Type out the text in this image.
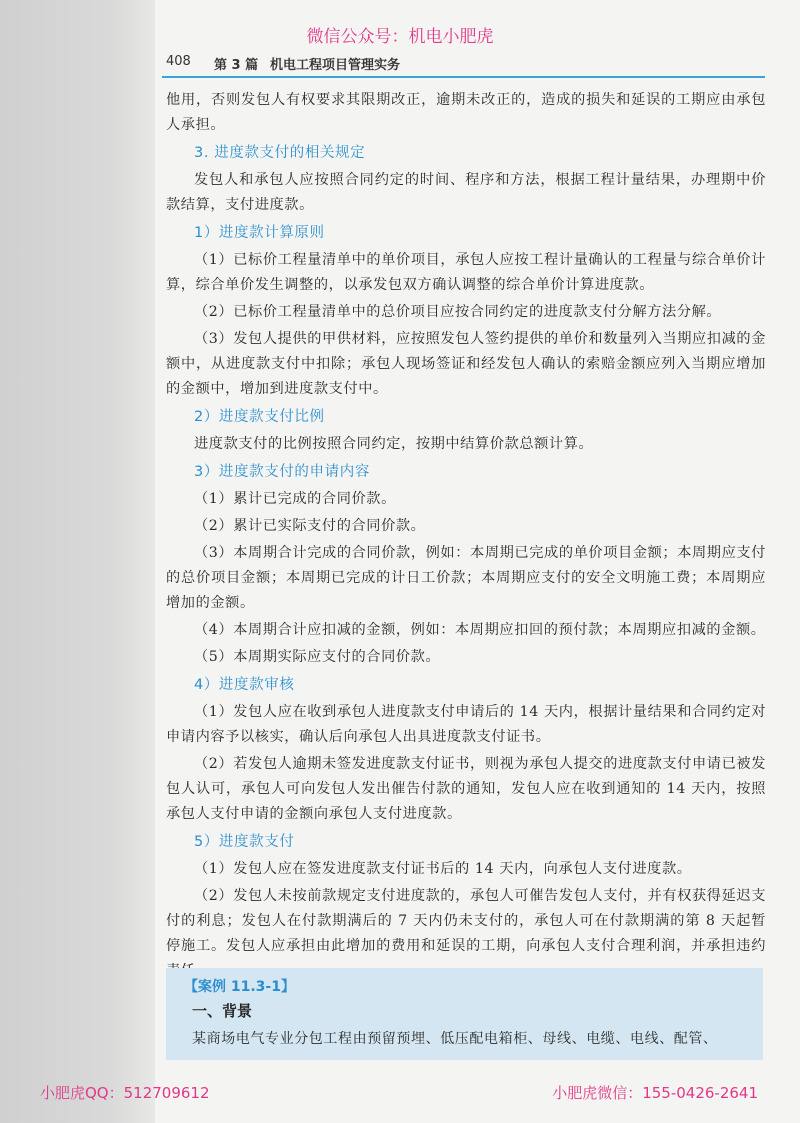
微信公众号：机电小肥虎
408 第 3 篇 机电工程项目管理实务
他用，否则发包人有权要求其限期改正，逾期未改正的，造成的损失和延误的工期应由承包人承担。
3. 进度款支付的相关规定
发包人和承包人应按照合同约定的时间、程序和方法，根据工程计量结果，办理期中价款结算，支付进度款。
1）进度款计算原则
（1）已标价工程量清单中的单价项目，承包人应按工程计量确认的工程量与综合单价计算，综合单价发生调整的，以承发包双方确认调整的综合单价计算进度款。
（2）已标价工程量清单中的总价项目应按合同约定的进度款支付分解方法分解。
（3）发包人提供的甲供材料，应按照发包人签约提供的单价和数量列入当期应扣减的金额中，从进度款支付中扣除；承包人现场签证和经发包人确认的索赔金额应列入当期应增加的金额中，增加到进度款支付中。
2）进度款支付比例
进度款支付的比例按照合同约定，按期中结算价款总额计算。
3）进度款支付的申请内容
（1）累计已完成的合同价款。
（2）累计已实际支付的合同价款。
（3）本周期合计完成的合同价款，例如：本周期已完成的单价项目金额；本周期应支付的总价项目金额；本周期已完成的计日工价款；本周期应支付的安全文明施工费；本周期应增加的金额。
（4）本周期合计应扣减的金额，例如：本周期应扣回的预付款；本周期应扣减的金额。
（5）本周期实际应支付的合同价款。
4）进度款审核
（1）发包人应在收到承包人进度款支付申请后的 14 天内，根据计量结果和合同约定对申请内容予以核实，确认后向承包人出具进度款支付证书。
（2）若发包人逾期未签发进度款支付证书，则视为承包人提交的进度款支付申请已被发包人认可，承包人可向发包人发出催告付款的通知，发包人应在收到通知的 14 天内，按照承包人支付申请的金额向承包人支付进度款。
5）进度款支付
（1）发包人应在签发进度款支付证书后的 14 天内，向承包人支付进度款。
（2）发包人未按前款规定支付进度款的，承包人可催告发包人支付，并有权获得延迟支付的利息；发包人在付款期满后的 7 天内仍未支付的，承包人可在付款期满的第 8 天起暂停施工。发包人应承担由此增加的费用和延误的工期，向承包人支付合理利润，并承担违约
【案例 11.3-1】
一、背景
某商场电气专业分包工程由预留预埋、低压配电箱柜、母线、电缆、电线、配管、
小肥虎QQ：512709612	小肥虎微信：155-0426-2641
